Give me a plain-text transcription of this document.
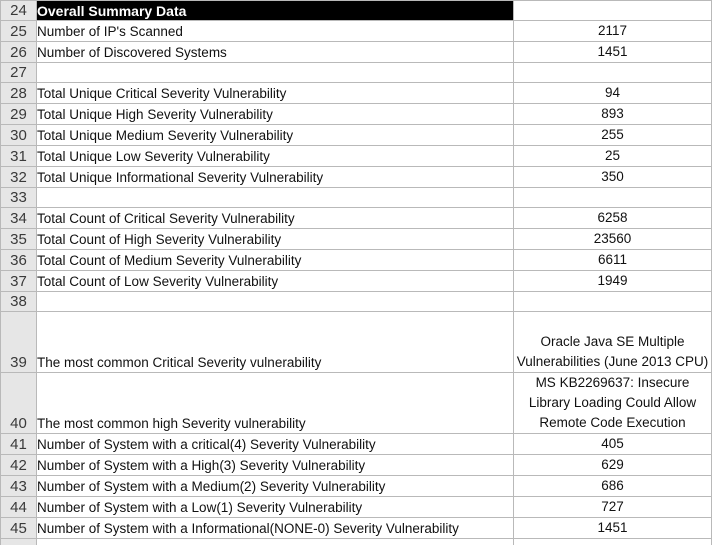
24	Overall Summary Data	
25	Number of IP's Scanned	2117
26	Number of Discovered Systems	1451
27		
28	Total Unique Critical Severity Vulnerability	94
29	Total Unique High Severity Vulnerability	893
30	Total Unique Medium Severity Vulnerability	255
31	Total Unique Low Severity Vulnerability	25
32	Total Unique Informational Severity Vulnerability	350
33		
34	Total Count of Critical Severity Vulnerability	6258
35	Total Count of High Severity Vulnerability	23560
36	Total Count of Medium Severity Vulnerability	6611
37	Total Count of Low Severity Vulnerability	1949
38		
39	The most common Critical Severity vulnerability	Oracle Java SE Multiple Vulnerabilities (June 2013 CPU)
40	The most common high Severity vulnerability	MS KB2269637: Insecure Library Loading Could Allow Remote Code Execution
41	Number of System with a critical(4) Severity Vulnerability	405
42	Number of System with a High(3) Severity Vulnerability	629
43	Number of System with a Medium(2) Severity Vulnerability	686
44	Number of System with a Low(1) Severity Vulnerability	727
45	Number of System with a Informational(NONE-0) Severity Vulnerability	1451
